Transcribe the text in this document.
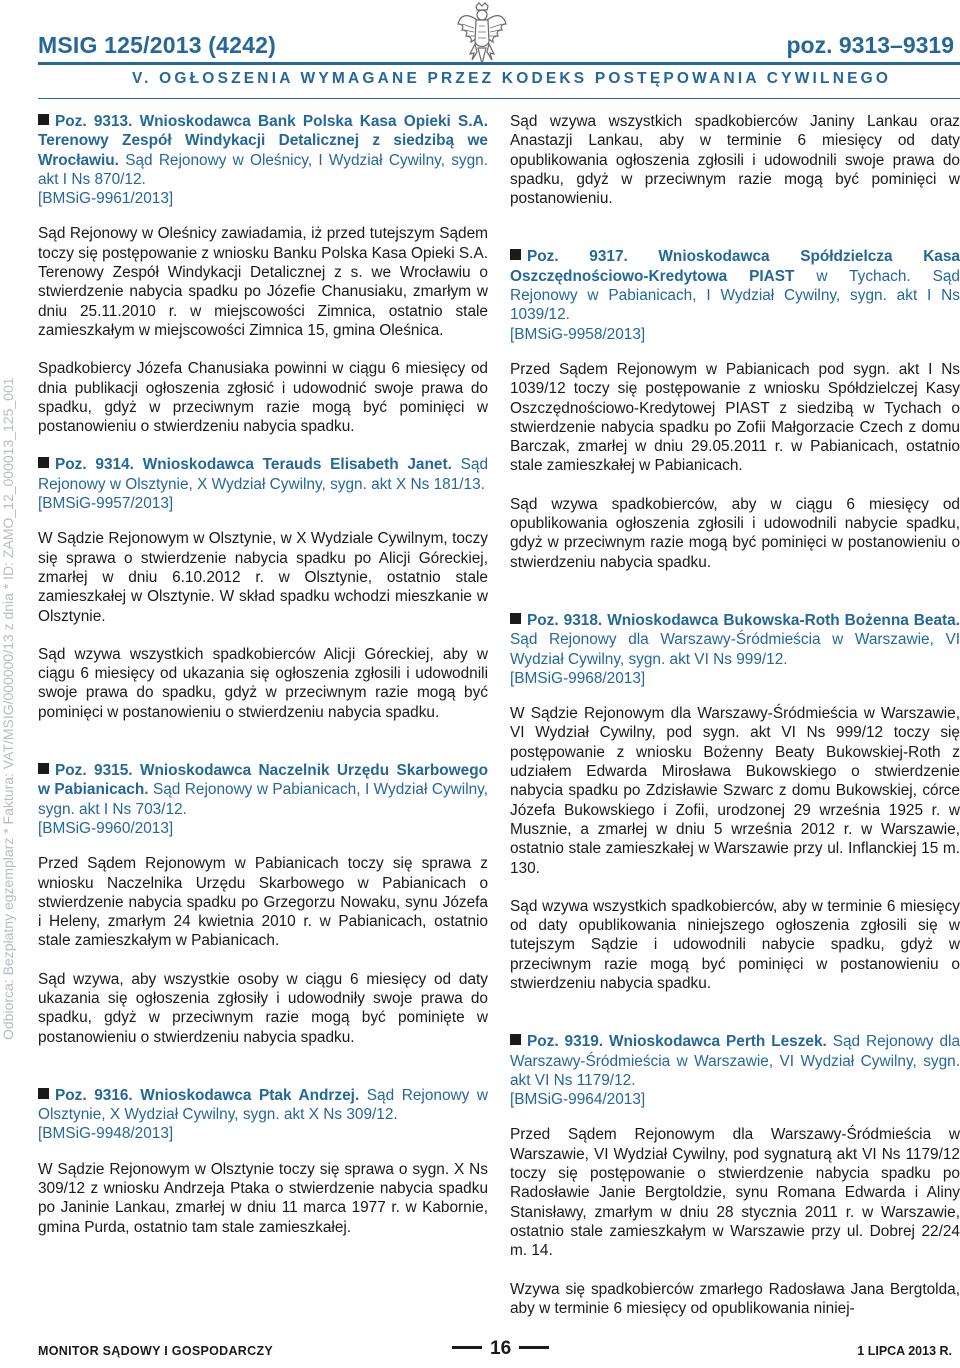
MSIG 125/2013 (4242)	poz. 9313–9319
V. OGŁOSZENIA WYMAGANE PRZEZ KODEKS POSTĘPOWANIA CYWILNEGO
Odbiorca: Bezpłatny egzemplarz * Faktura: VAT/MSIG/000000/13 z dnia * ID: ZAMO_12_000013_125_001
Poz. 9313. Wnioskodawca Bank Polska Kasa Opieki S.A. Terenowy Zespół Windykacji Detalicznej z siedzibą we Wrocławiu. Sąd Rejonowy w Oleśnicy, I Wydział Cywilny, sygn. akt I Ns 870/12.
[BMSiG-9961/2013]

Sąd Rejonowy w Oleśnicy zawiadamia, iż przed tutejszym Sądem toczy się postępowanie z wniosku Banku Polska Kasa Opieki S.A. Terenowy Zespół Windykacji Detalicznej z s. we Wrocławiu o stwierdzenie nabycia spadku po Józefie Chanusiaku, zmarłym w dniu 25.11.2010 r. w miejscowości Zimnica, ostatnio stale zamieszkałym w miejscowości Zimnica 15, gmina Oleśnica.

Spadkobiercy Józefa Chanusiaka powinni w ciągu 6 miesięcy od dnia publikacji ogłoszenia zgłosić i udowodnić swoje prawa do spadku, gdyż w przeciwnym razie mogą być pominięci w postanowieniu o stwierdzeniu nabycia spadku.

Poz. 9314. Wnioskodawca Terauds Elisabeth Janet. Sąd Rejonowy w Olsztynie, X Wydział Cywilny, sygn. akt X Ns 181/13.
[BMSiG-9957/2013]

W Sądzie Rejonowym w Olsztynie, w X Wydziale Cywilnym, toczy się sprawa o stwierdzenie nabycia spadku po Alicji Góreckiej, zmarłej w dniu 6.10.2012 r. w Olsztynie, ostatnio stale zamieszkałej w Olsztynie. W skład spadku wchodzi mieszkanie w Olsztynie.

Sąd wzywa wszystkich spadkobierców Alicji Góreckiej, aby w ciągu 6 miesięcy od ukazania się ogłoszenia zgłosili i udowodnili swoje prawa do spadku, gdyż w przeciwnym razie mogą być pominięci w postanowieniu o stwierdzeniu nabycia spadku.

Poz. 9315. Wnioskodawca Naczelnik Urzędu Skarbowego w Pabianicach. Sąd Rejonowy w Pabianicach, I Wydział Cywilny, sygn. akt I Ns 703/12.
[BMSiG-9960/2013]

Przed Sądem Rejonowym w Pabianicach toczy się sprawa z wniosku Naczelnika Urzędu Skarbowego w Pabianicach o stwierdzenie nabycia spadku po Grzegorzu Nowaku, synu Józefa i Heleny, zmarłym 24 kwietnia 2010 r. w Pabianicach, ostatnio stale zamieszkałym w Pabianicach.

Sąd wzywa, aby wszystkie osoby w ciągu 6 miesięcy od daty ukazania się ogłoszenia zgłosiły i udowodniły swoje prawa do spadku, gdyż w przeciwnym razie mogą być pominięte w postanowieniu o stwierdzeniu nabycia spadku.

Poz. 9316. Wnioskodawca Ptak Andrzej. Sąd Rejonowy w Olsztynie, X Wydział Cywilny, sygn. akt X Ns 309/12.
[BMSiG-9948/2013]

W Sądzie Rejonowym w Olsztynie toczy się sprawa o sygn. X Ns 309/12 z wniosku Andrzeja Ptaka o stwierdzenie nabycia spadku po Janinie Lankau, zmarłej w dniu 11 marca 1977 r. w Kabornie, gmina Purda, ostatnio tam stale zamieszkałej.

Sąd wzywa wszystkich spadkobierców Janiny Lankau oraz Anastazji Lankau, aby w terminie 6 miesięcy od daty opublikowania ogłoszenia zgłosili i udowodnili swoje prawa do spadku, gdyż w przeciwnym razie mogą być pominięci w postanowieniu.

Poz. 9317. Wnioskodawca Spółdzielcza Kasa Oszczędnościowo-Kredytowa PIAST w Tychach. Sąd Rejonowy w Pabianicach, I Wydział Cywilny, sygn. akt I Ns 1039/12.
[BMSiG-9958/2013]

Przed Sądem Rejonowym w Pabianicach pod sygn. akt I Ns 1039/12 toczy się postępowanie z wniosku Spółdzielczej Kasy Oszczędnościowo-Kredytowej PIAST z siedzibą w Tychach o stwierdzenie nabycia spadku po Zofii Małgorzacie Czech z domu Barczak, zmarłej w dniu 29.05.2011 r. w Pabianicach, ostatnio stale zamieszkałej w Pabianicach.

Sąd wzywa spadkobierców, aby w ciągu 6 miesięcy od opublikowania ogłoszenia zgłosili i udowodnili nabycie spadku, gdyż w przeciwnym razie mogą być pominięci w postanowieniu o stwierdzeniu nabycia spadku.

Poz. 9318. Wnioskodawca Bukowska-Roth Bożenna Beata. Sąd Rejonowy dla Warszawy-Śródmieścia w Warszawie, VI Wydział Cywilny, sygn. akt VI Ns 999/12.
[BMSiG-9968/2013]

W Sądzie Rejonowym dla Warszawy-Śródmieścia w Warszawie, VI Wydział Cywilny, pod sygn. akt VI Ns 999/12 toczy się postępowanie z wniosku Bożenny Beaty Bukowskiej-Roth z udziałem Edwarda Mirosława Bukowskiego o stwierdzenie nabycia spadku po Zdzisławie Szwarc z domu Bukowskiej, córce Józefa Bukowskiego i Zofii, urodzonej 29 września 1925 r. w Musznie, a zmarłej w dniu 5 września 2012 r. w Warszawie, ostatnio stale zamieszkałej w Warszawie przy ul. Inflanckiej 15 m. 130.

Sąd wzywa wszystkich spadkobierców, aby w terminie 6 miesięcy od daty opublikowania niniejszego ogłoszenia zgłosili się w tutejszym Sądzie i udowodnili nabycie spadku, gdyż w przeciwnym razie mogą być pominięci w postanowieniu o stwierdzeniu nabycia spadku.

Poz. 9319. Wnioskodawca Perth Leszek. Sąd Rejonowy dla Warszawy-Śródmieścia w Warszawie, VI Wydział Cywilny, sygn. akt VI Ns 1179/12.
[BMSiG-9964/2013]

Przed Sądem Rejonowym dla Warszawy-Śródmieścia w Warszawie, VI Wydział Cywilny, pod sygnaturą akt VI Ns 1179/12 toczy się postępowanie o stwierdzenie nabycia spadku po Radosławie Janie Bergtoldzie, synu Romana Edwarda i Aliny Stanisławy, zmarłym w dniu 28 stycznia 2011 r. w Warszawie, ostatnio stale zamieszkałym w Warszawie przy ul. Dobrej 22/24 m. 14.

Wzywa się spadkobierców zmarłego Radosława Jana Bergtolda, aby w terminie 6 miesięcy od opublikowania niniej-

MONITOR SĄDOWY I GOSPODARCZY	16	1 LIPCA 2013 R.
